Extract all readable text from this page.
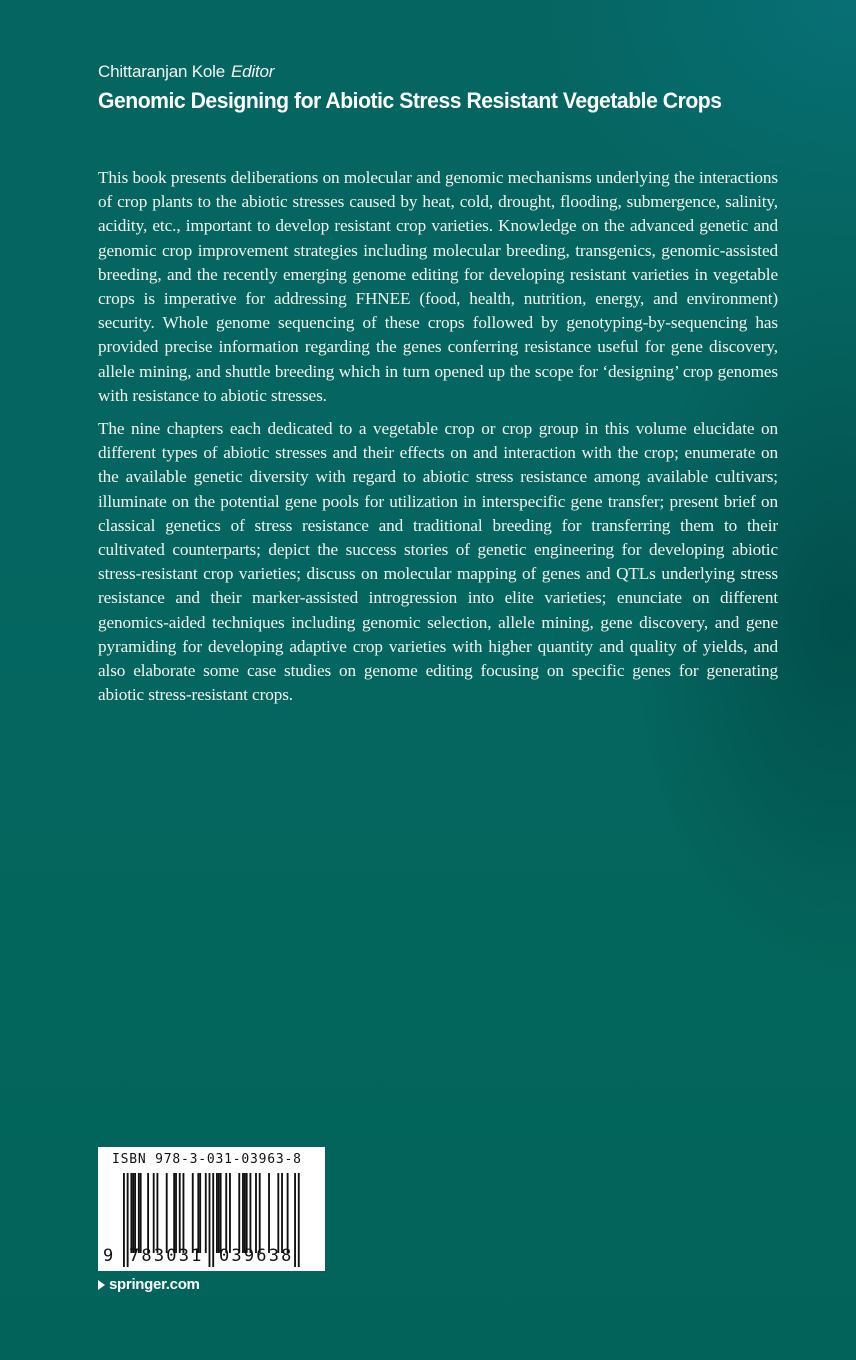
Chittaranjan Kole Editor
Genomic Designing for Abiotic Stress Resistant Vegetable Crops

This book presents deliberations on molecular and genomic mechanisms underlying the interactions of crop plants to the abiotic stresses caused by heat, cold, drought, flooding, submergence, salinity, acidity, etc., important to develop resistant crop varieties. Knowledge on the advanced genetic and genomic crop improvement strategies including molecular breeding, transgenics, genomic-assisted breeding, and the recently emerging genome editing for developing resistant varieties in vegetable crops is imperative for addressing FHNEE (food, health, nutrition, energy, and environment) security. Whole genome sequencing of these crops followed by genotyping-by-sequencing has provided precise information regarding the genes conferring resistance useful for gene discovery, allele mining, and shuttle breeding which in turn opened up the scope for ‘designing’ crop genomes with resistance to abiotic stresses.

The nine chapters each dedicated to a vegetable crop or crop group in this volume elucidate on different types of abiotic stresses and their effects on and interaction with the crop; enumerate on the available genetic diversity with regard to abiotic stress resistance among available cultivars; illuminate on the potential gene pools for utilization in interspecific gene transfer; present brief on classical genetics of stress resistance and traditional breeding for transferring them to their cultivated counterparts; depict the success stories of genetic engineering for developing abiotic stress-resistant crop varieties; discuss on molecular mapping of genes and QTLs underlying stress resistance and their marker-assisted introgression into elite varieties; enunciate on different genomics-aided techniques including genomic selection, allele mining, gene discovery, and gene pyramiding for developing adaptive crop varieties with higher quantity and quality of yields, and also elaborate some case studies on genome editing focusing on specific genes for generating abiotic stress-resistant crops.

ISBN 978-3-031-03963-8
9 783031 039638
springer.com
